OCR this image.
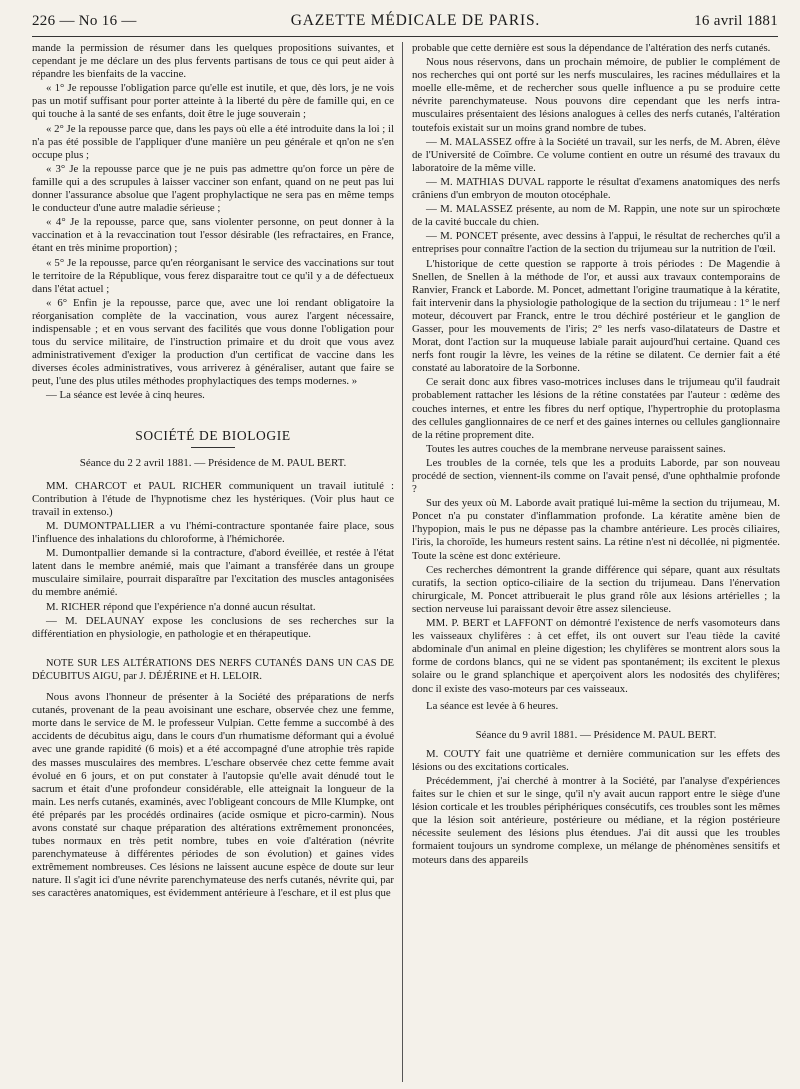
226 — No 16 —	GAZETTE MÉDICALE DE PARIS.	16 avril 1881

mande la permission de résumer dans les quelques propositions suivantes, et cependant je me déclare un des plus fervents partisans de tous ce qui peut aider à répandre les bienfaits de la vaccine.

« 1° Je repousse l'obligation parce qu'elle est inutile, et que, dès lors, je ne vois pas un motif suffisant pour porter atteinte à la liberté du père de famille qui, en ce qui touche à la santé de ses enfants, doit être le juge souverain ;

« 2° Je la repousse parce que, dans les pays où elle a été introduite dans la loi ; il n'a pas été possible de l'appliquer d'une manière un peu générale et qn'on ne s'en occupe plus ;

« 3° Je la repousse parce que je ne puis pas admettre qu'on force un père de famille qui a des scrupules à laisser vacciner son enfant, quand on ne peut pas lui donner l'assurance absolue que l'agent prophylactique ne sera pas en même temps le conducteur d'une autre maladie sérieuse ;

« 4° Je la repousse, parce que, sans violenter personne, on peut donner à la vaccination et à la revaccination tout l'essor désirable (les refractaires, en France, étant en très minime proportion) ;

« 5° Je la repousse, parce qu'en réorganisant le service des vaccinations sur tout le territoire de la République, vous ferez disparaitre tout ce qu'il y a de défectueux dans l'état actuel ;

« 6° Enfin je la repousse, parce que, avec une loi rendant obligatoire la réorganisation complète de la vaccination, vous aurez l'argent nécessaire, indispensable ; et en vous servant des facilités que vous donne l'obligation pour tous du service militaire, de l'instruction primaire et du droit que vous avez administrativement d'exiger la production d'un certificat de vaccine dans les diverses écoles administratives, vous arriverez à généraliser, autant que faire se peut, l'une des plus utiles méthodes prophylactiques des temps modernes. »

— La séance est levée à cinq heures.

SOCIÉTÉ DE BIOLOGIE
Séance du 2 2 avril 1881. — Présidence de M. PAUL BERT.

MM. CHARCOT et PAUL RICHER communiquent un travail iutitulé : Contribution à l'étude de l'hypnotisme chez les hystériques. (Voir plus haut ce travail in extenso.)

M. DUMONTPALLIER a vu l'hémi-contracture spontanée faire place, sous l'influence des inhalations du chloroforme, à l'hémichorée.

M. Dumontpallier demande si la contracture, d'abord éveillée, et restée à l'état latent dans le membre anémié, mais que l'aimant a transférée dans un groupe musculaire similaire, pourrait disparaître par l'excitation des muscles antagonisées du membre anémié.

M. RICHER répond que l'expérience n'a donné aucun résultat.

— M. DELAUNAY expose les conclusions de ses recherches sur la différentiation en physiologie, en pathologie et en thérapeutique.

NOTE SUR LES ALTÉRATIONS DES NERFS CUTANÉS DANS UN CAS DE DÉCUBITUS AIGU, par J. DÉJÉRINE et H. LELOIR.

Nous avons l'honneur de présenter à la Société des préparations de nerfs cutanés, provenant de la peau avoisinant une eschare, observée chez une femme, morte dans le service de M. le professeur Vulpian. Cette femme a succombé à des accidents de décubitus aigu, dans le cours d'un rhumatisme déformant qui a évolué avec une grande rapidité (6 mois) et a été accompagné d'une atrophie très rapide des masses musculaires des membres. L'eschare observée chez cette femme avait évolué en 6 jours, et on put constater à l'autopsie qu'elle avait dénudé tout le sacrum et était d'une profondeur considérable, elle atteignait la longueur de la main. Les nerfs cutanés, examinés, avec l'obligeant concours de Mlle Klumpke, ont été préparés par les procédés ordinaires (acide osmique et picro-carmin). Nous avons constaté sur chaque préparation des altérations extrêmement prononcées, tubes normaux en très petit nombre, tubes en voie d'altération (névrite parenchymateuse à différentes périodes de son évolution) et gaines vides extrêmement nombreuses. Ces lésions ne laissent aucune espèce de doute sur leur nature. Il s'agit ici d'une névrite parenchymateuse des nerfs cutanés, névrite qui, par ses caractères anatomiques, est évidemment antérieure à l'eschare, et il est plus que

probable que cette dernière est sous la dépendance de l'altération des nerfs cutanés.

Nous nous réservons, dans un prochain mémoire, de publier le complément de nos recherches qui ont porté sur les nerfs musculaires, les racines médullaires et la moelle elle-même, et de rechercher sous quelle influence a pu se produire cette névrite parenchymateuse. Nous pouvons dire cependant que les nerfs intra-musculaires présentaient des lésions analogues à celles des nerfs cutanés, l'altération toutefois existait sur un moins grand nombre de tubes.

— M. MALASSEZ offre à la Société un travail, sur les nerfs, de M. Abren, élève de l'Université de Coïmbre. Ce volume contient en outre un résumé des travaux du laboratoire de la même ville.

— M. MATHIAS DUVAL rapporte le résultat d'examens anatomiques des nerfs crâniens d'un embryon de mouton otocéphale.

— M. MALASSEZ présente, au nom de M. Rappin, une note sur un spirochœte de la cavité buccale du chien.

— M. PONCET présente, avec dessins à l'appui, le résultat de recherches qu'il a entreprises pour connaître l'action de la section du trijumeau sur la nutrition de l'œil.

L'historique de cette question se rapporte à trois périodes : De Magendie à Snellen, de Snellen à la méthode de l'or, et aussi aux travaux contemporains de Ranvier, Franck et Laborde. M. Poncet, admettant l'origine traumatique à la kératite, fait intervenir dans la physiologie pathologique de la section du trijumeau : 1° le nerf moteur, découvert par Franck, entre le trou déchiré postérieur et le ganglion de Gasser, pour les mouvements de l'iris; 2° les nerfs vaso-dilatateurs de Dastre et Morat, dont l'action sur la muqueuse labiale parait aujourd'hui certaine. Quand ces nerfs font rougir la lèvre, les veines de la rétine se dilatent. Ce dernier fait a été constaté au laboratoire de la Sorbonne.

Ce serait donc aux fibres vaso-motrices incluses dans le trijumeau qu'il faudrait probablement rattacher les lésions de la rétine constatées par l'auteur : œdème des couches internes, et entre les fibres du nerf optique, l'hypertrophie du protoplasma des cellules ganglionnaires de ce nerf et des gaines internes ou cellules ganglionnaire de la rétine proprement dite.

Toutes les autres couches de la membrane nerveuse paraissent saines.

Les troubles de la cornée, tels que les a produits Laborde, par son nouveau procédé de section, viennent-ils comme on l'avait pensé, d'une ophthalmie profonde ?

Sur des yeux où M. Laborde avait pratiqué lui-même la section du trijumeau, M. Poncet n'a pu constater d'inflammation profonde. La kératite amène bien de l'hypopion, mais le pus ne dépasse pas la chambre antérieure. Les procès ciliaires, l'iris, la choroïde, les humeurs restent sains. La rétine n'est ni décollée, ni pigmentée. Toute la scène est donc extérieure.

Ces recherches démontrent la grande différence qui sépare, quant aux résultats curatifs, la section optico-ciliaire de la section du trijumeau. Dans l'énervation chirurgicale, M. Poncet attribuerait le plus grand rôle aux lésions artérielles ; la section nerveuse lui paraissant devoir être assez silencieuse.

MM. P. BERT et LAFFONT on démontré l'existence de nerfs vasomoteurs dans les vaisseaux chylifères : à cet effet, ils ont ouvert sur l'eau tiède la cavité abdominale d'un animal en pleine digestion; les chylifères se montrent alors sous la forme de cordons blancs, qui ne se vident pas spontanément; ils excitent le plexus solaire ou le grand splanchique et aperçoivent alors les nodosités des chylifères; donc il existe des vaso-moteurs par ces vaisseaux.

La séance est levée à 6 heures.
Séance du 9 avril 1881. — Présidence M. PAUL BERT.

M. COUTY fait une quatrième et dernière communication sur les effets des lésions ou des excitations corticales.

Précédemment, j'ai cherché à montrer à la Société, par l'analyse d'expériences faites sur le chien et sur le singe, qu'il n'y avait aucun rapport entre le siège d'une lésion corticale et les troubles périphériques consécutifs, ces troubles sont les mêmes que la lésion soit antérieure, postérieure ou médiane, et la région postérieure nécessite seulement des lésions plus étendues. J'ai dit aussi que les troubles formaient toujours un syndrome complexe, un mélange de phénomènes sensitifs et moteurs dans des appareils
